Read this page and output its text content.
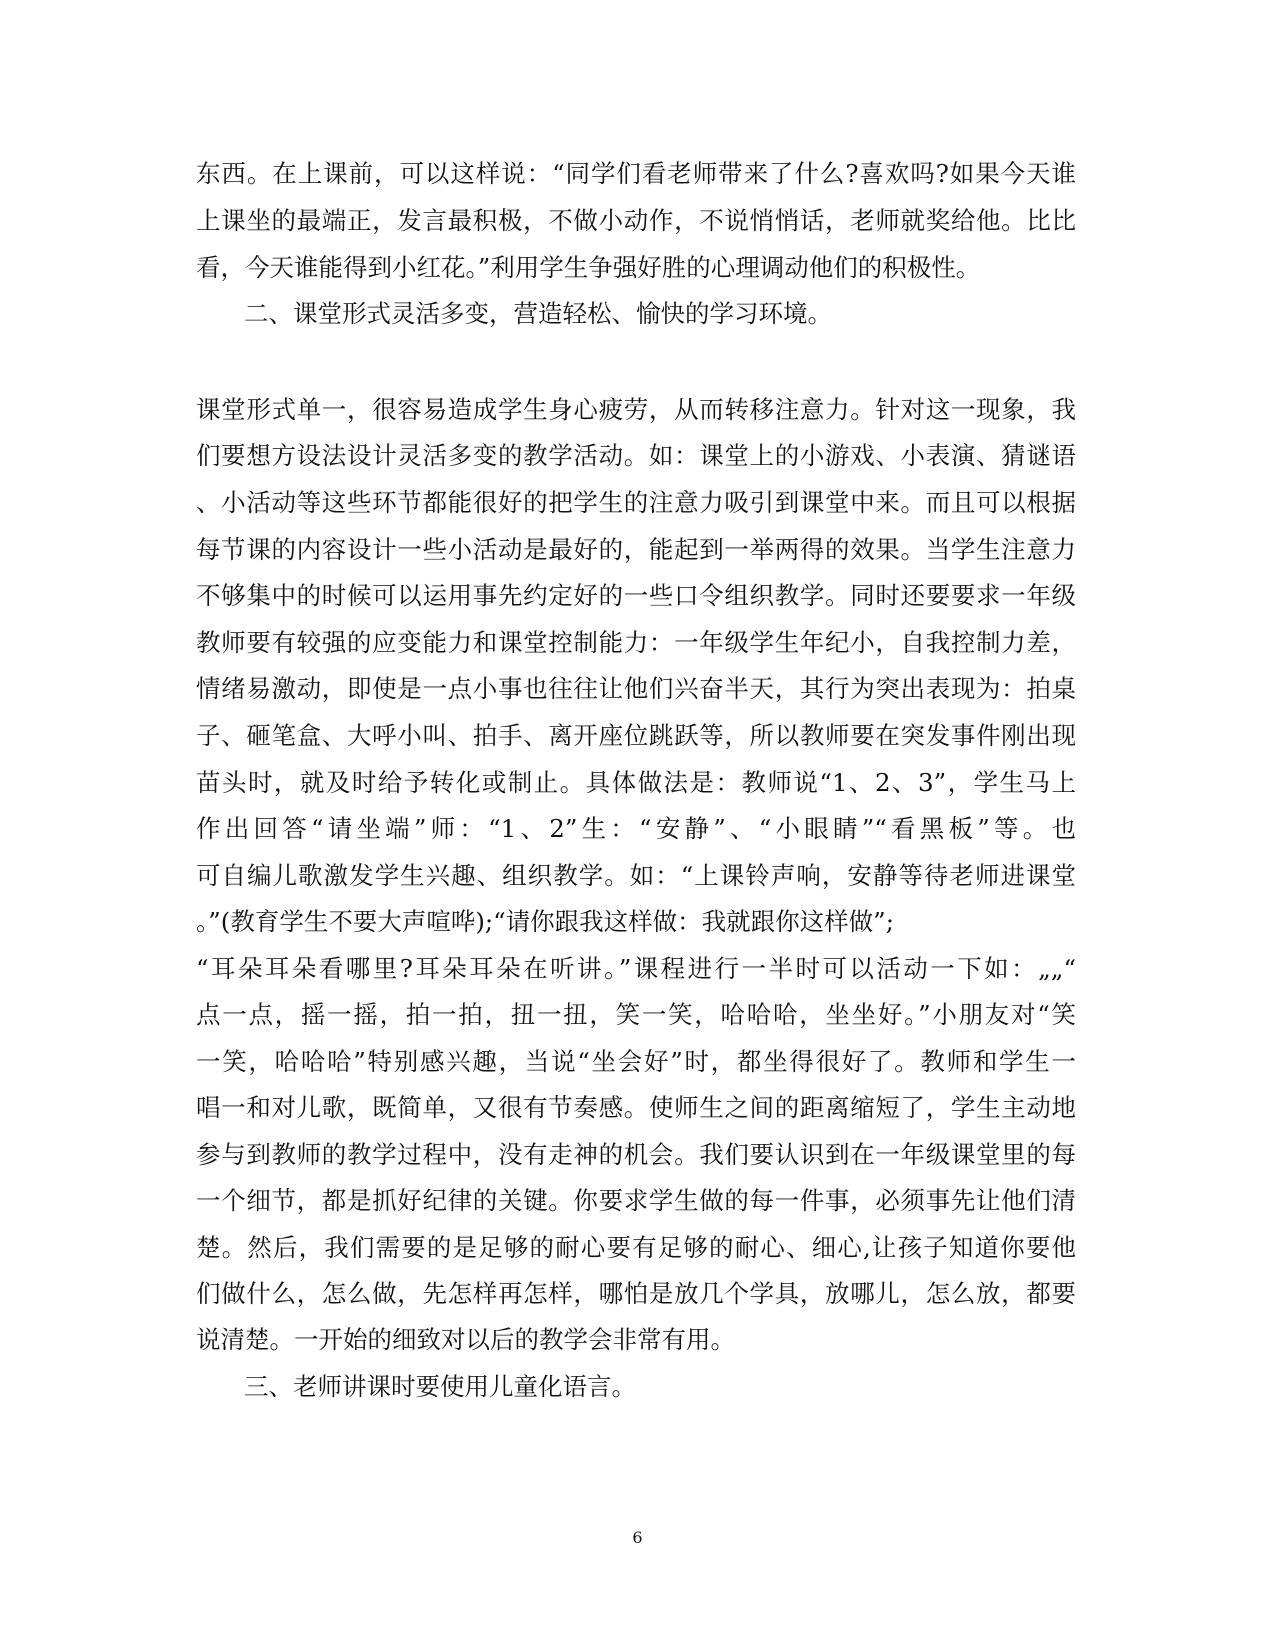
东西。在上课前，可以这样说：“同学们看老师带来了什么?喜欢吗?如果今天谁
上课坐的最端正，发言最积极，不做小动作，不说悄悄话，老师就奖给他。比比
看，今天谁能得到小红花。”利用学生争强好胜的心理调动他们的积极性。
二、课堂形式灵活多变，营造轻松、愉快的学习环境。
课堂形式单一，很容易造成学生身心疲劳，从而转移注意力。针对这一现象，我
们要想方设法设计灵活多变的教学活动。如：课堂上的小游戏、小表演、猜谜语
、小活动等这些环节都能很好的把学生的注意力吸引到课堂中来。而且可以根据
每节课的内容设计一些小活动是最好的，能起到一举两得的效果。当学生注意力
不够集中的时候可以运用事先约定好的一些口令组织教学。同时还要要求一年级
教师要有较强的应变能力和课堂控制能力：一年级学生年纪小，自我控制力差，
情绪易激动，即使是一点小事也往往让他们兴奋半天，其行为突出表现为：拍桌
子、砸笔盒、大呼小叫、拍手、离开座位跳跃等，所以教师要在突发事件刚出现
苗头时，就及时给予转化或制止。具体做法是：教师说“1、2、3”，学生马上
作出回答“请坐端”师：“1、2”生：“安静”、“小眼睛”“看黑板”等。也
可自编儿歌激发学生兴趣、组织教学。如：“上课铃声响，安静等待老师进课堂
。”(教育学生不要大声喧哗);“请你跟我这样做：我就跟你这样做”;
“耳朵耳朵看哪里?耳朵耳朵在听讲。”课程进行一半时可以活动一下如：„„“
点一点，摇一摇，拍一拍，扭一扭，笑一笑，哈哈哈，坐坐好。”小朋友对“笑
一笑，哈哈哈”特别感兴趣，当说“坐会好”时，都坐得很好了。教师和学生一
唱一和对儿歌，既简单，又很有节奏感。使师生之间的距离缩短了，学生主动地
参与到教师的教学过程中，没有走神的机会。我们要认识到在一年级课堂里的每
一个细节，都是抓好纪律的关键。你要求学生做的每一件事，必须事先让他们清
楚。然后，我们需要的是足够的耐心要有足够的耐心、细心,让孩子知道你要他
们做什么，怎么做，先怎样再怎样，哪怕是放几个学具，放哪儿，怎么放，都要
说清楚。一开始的细致对以后的教学会非常有用。
三、老师讲课时要使用儿童化语言。
6
